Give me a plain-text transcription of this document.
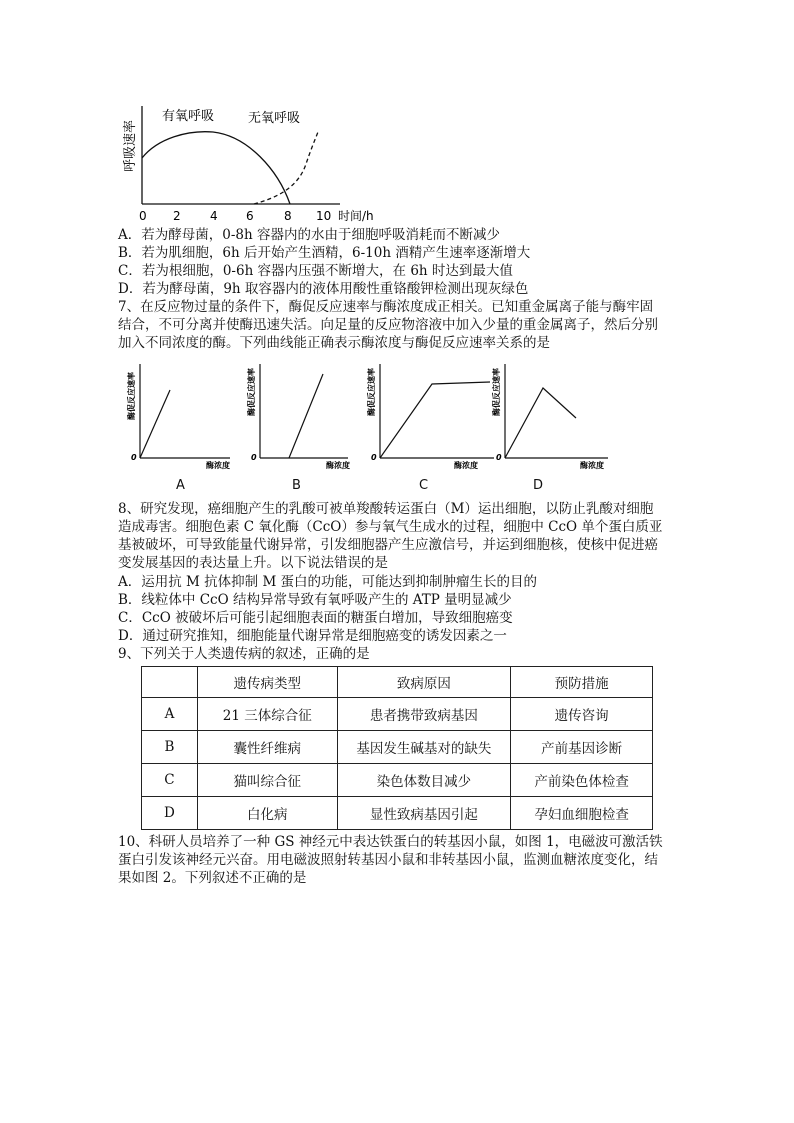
有氧呼吸	无氧呼吸
呼吸速率
0 2 4 6	8 10 时间/h
A．若为酵母菌，0-8h 容器内的水由于细胞呼吸消耗而不断减少
B．若为肌细胞，6h 后开始产生酒精，6-10h 酒精产生速率逐渐增大
C．若为根细胞，0-6h 容器内压强不断增大，在 6h 时达到最大值
D．若为酵母菌，9h 取容器内的液体用酸性重铬酸钾检测出现灰绿色
7、在反应物过量的条件下，酶促反应速率与酶浓度成正相关。已知重金属离子能与酶牢固
结合，不可分离并使酶迅速失活。向足量的反应物溶液中加入少量的重金属离子，然后分别
加入不同浓度的酶。下列曲线能正确表示酶浓度与酶促反应速率关系的是
酶促反应速率
0
酶浓度
酶促反应速率
0
酶浓度
酶促反应速率
0
酶浓度
酶促反应速率
0
酶浓度
A	B	C	D
8、研究发现，癌细胞产生的乳酸可被单羧酸转运蛋白（M）运出细胞，以防止乳酸对细胞
造成毒害。细胞色素 C 氧化酶（CcO）参与氧气生成水的过程，细胞中 CcO 单个蛋白质亚
基被破坏，可导致能量代谢异常，引发细胞器产生应激信号，并运到细胞核，使核中促进癌
变发展基因的表达量上升。以下说法错误的是
A．运用抗 M 抗体抑制 M 蛋白的功能，可能达到抑制肿瘤生长的目的
B．线粒体中 CcO 结构异常导致有氧呼吸产生的 ATP 量明显减少
C．CcO 被破坏后可能引起细胞表面的糖蛋白增加，导致细胞癌变
D．通过研究推知，细胞能量代谢异常是细胞癌变的诱发因素之一
9、下列关于人类遗传病的叙述，正确的是
	遗传病类型	致病原因	预防措施
A	21 三体综合征	患者携带致病基因	遗传咨询
B	囊性纤维病	基因发生碱基对的缺失	产前基因诊断
C	猫叫综合征	染色体数目减少	产前染色体检查
D	白化病	显性致病基因引起	孕妇血细胞检查
10、科研人员培养了一种 GS 神经元中表达铁蛋白的转基因小鼠，如图 1，电磁波可激活铁
蛋白引发该神经元兴奋。用电磁波照射转基因小鼠和非转基因小鼠，监测血糖浓度变化，结
果如图 2。下列叙述不正确的是
